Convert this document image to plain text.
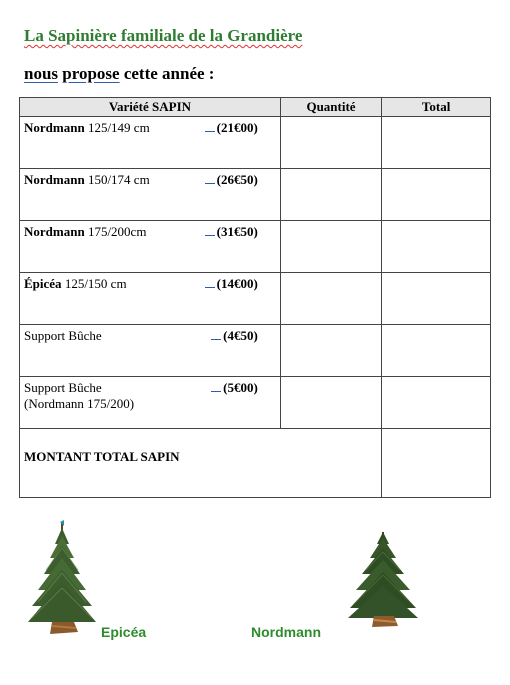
La Sapinière familiale de la Grandière
nous propose cette année :
Variété SAPIN	Quantité	Total
Nordmann 125/149 cm (21€00)		

Nordmann 150/174 cm (26€50)		

Nordmann 175/200cm (31€50)		

Épicéa 125/150 cm (14€00)		

Support Bûche (4€50)		

Support Bûche
(Nordmann 175/200)
(5€00)		

MONTANT TOTAL SAPIN		
Epicéa	Nordmann
